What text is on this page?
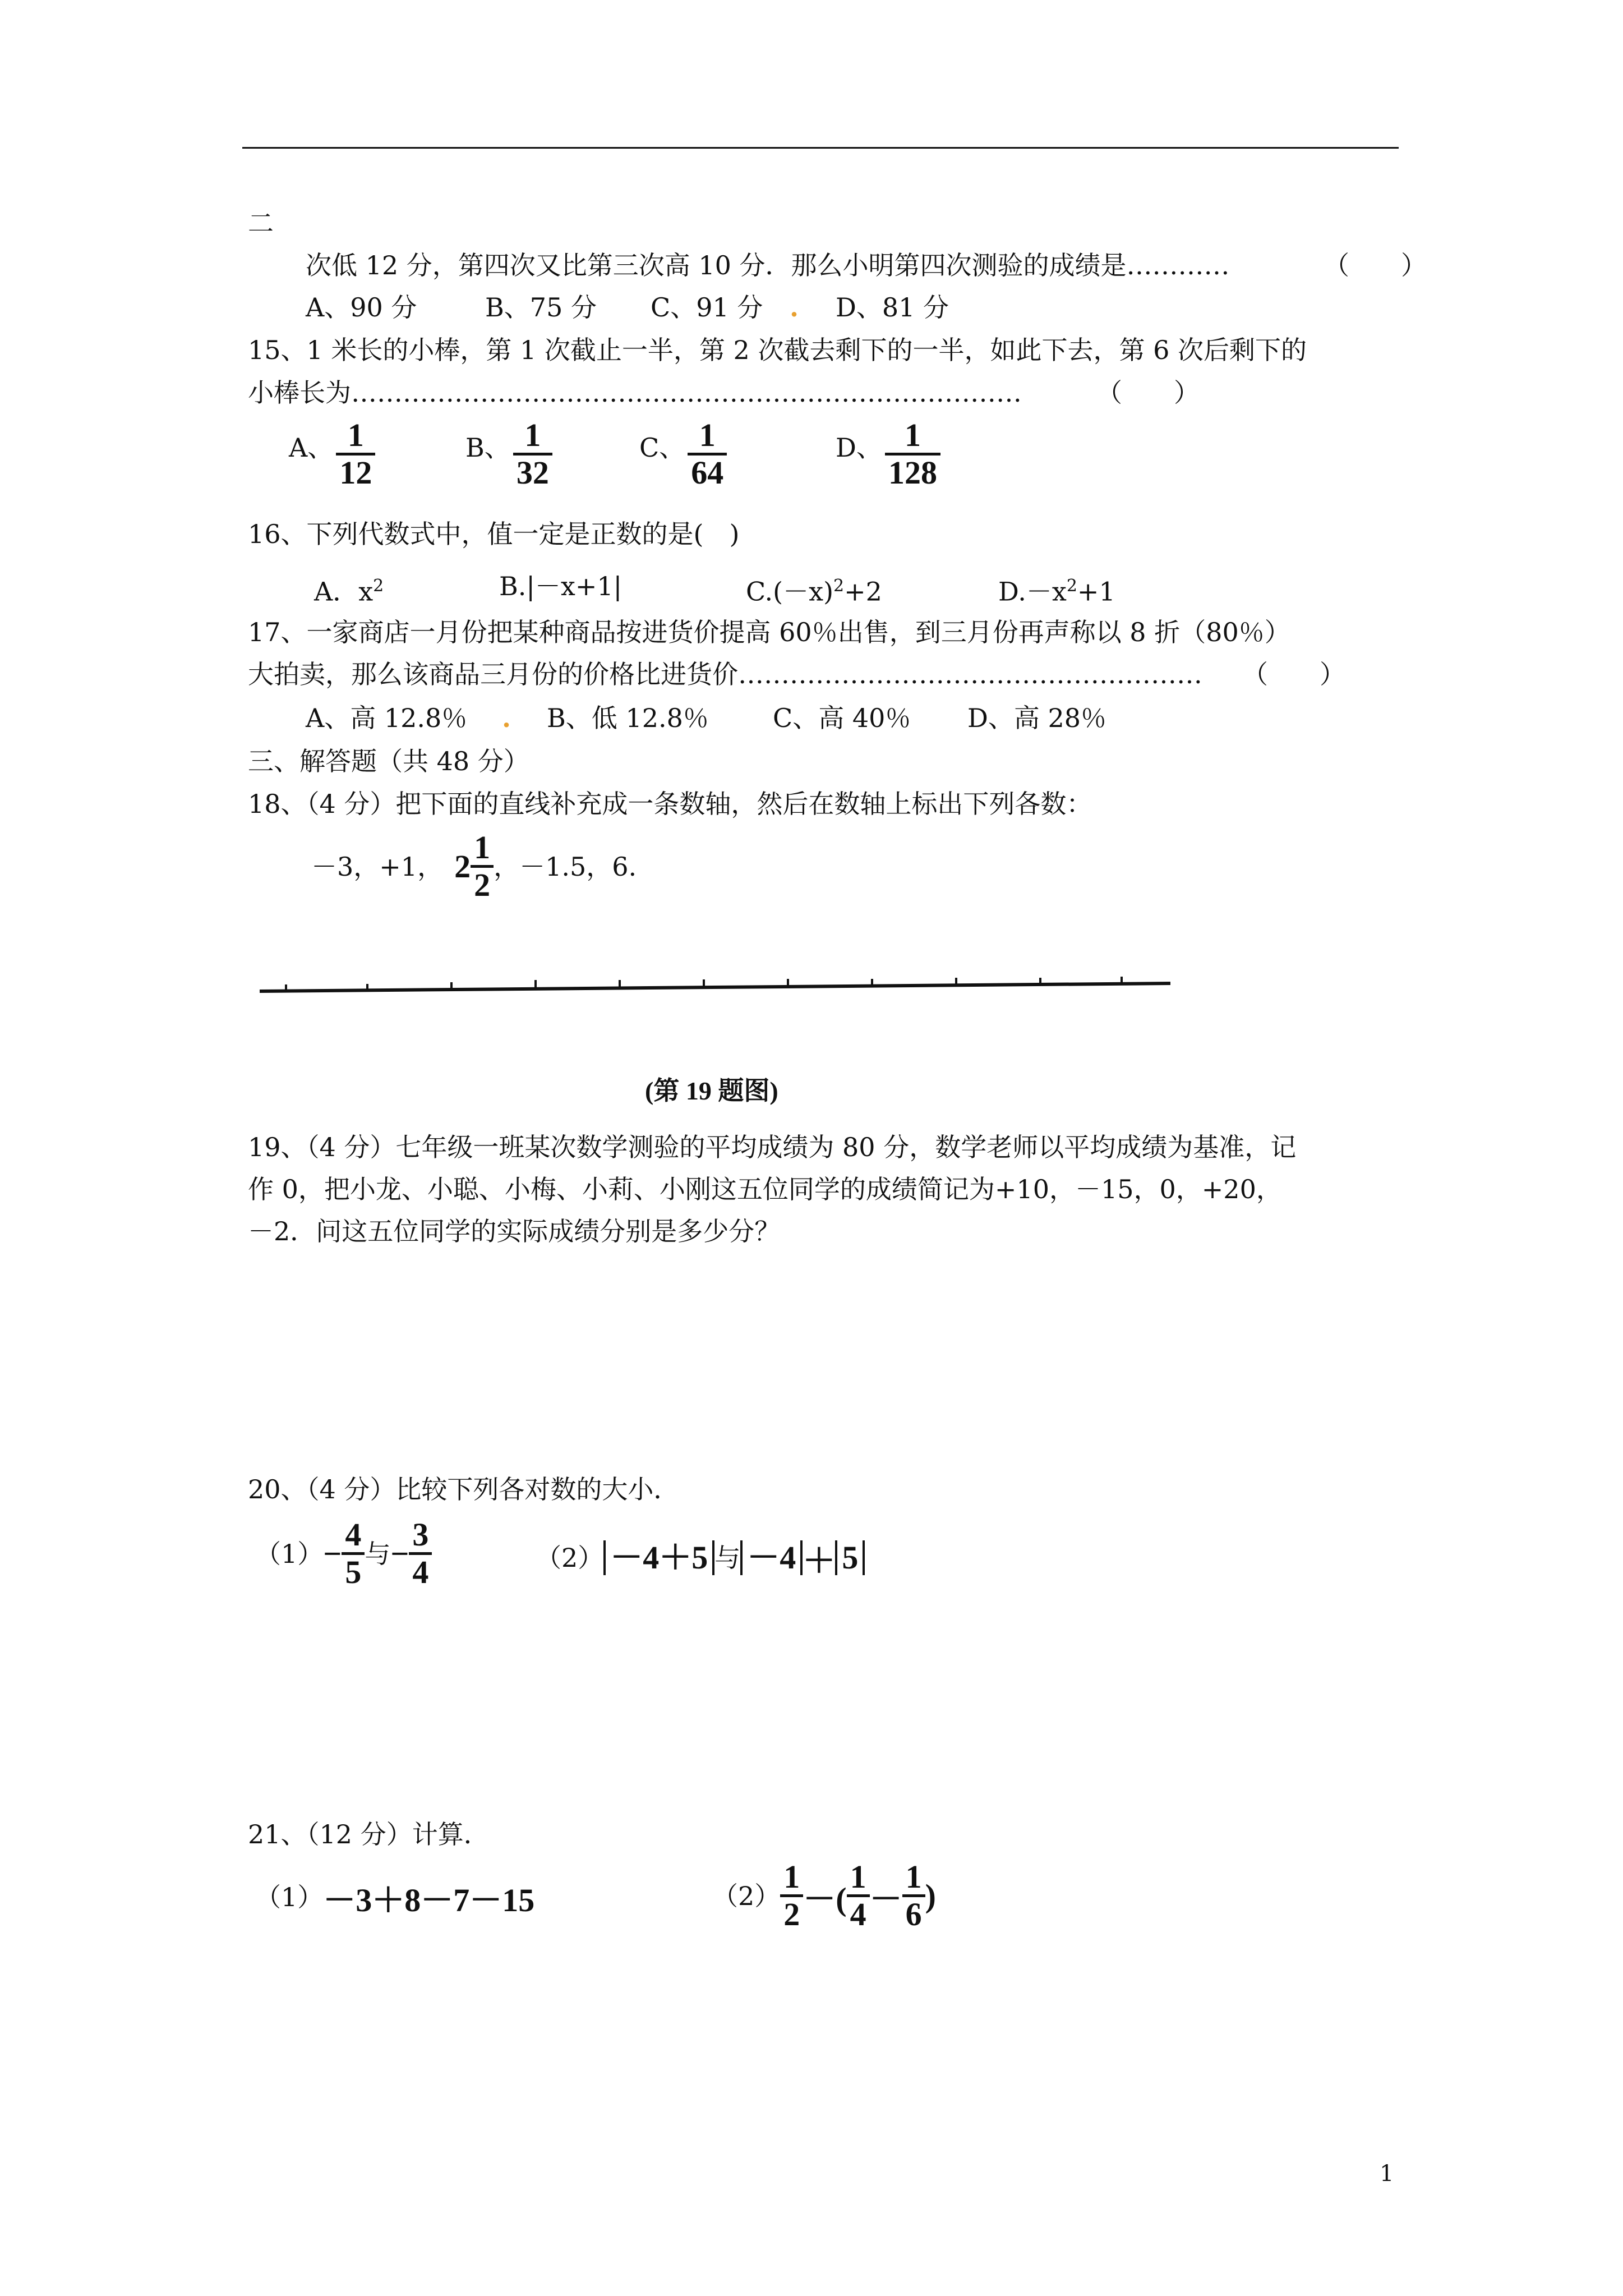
二
次低 12 分，第四次又比第三次高 10 分．那么小明第四次测验的成绩是…………	（　　）
A、90 分	B、75 分 C、91 分 . D、81 分
15、1 米长的小棒，第 1 次截止一半，第 2 次截去剩下的一半，如此下去，第 6 次后剩下的
小棒长为……………………………………………………………………	（　　）
A、 $\frac{1}{12}$	B、 $\frac{1}{32}$	C、 $\frac{1}{64}$	D、 $\frac{1}{128}$
16、下列代数式中，值一定是正数的是(　)
A．$x^2$	B.|－x+1|	$C.(-x)^2+2$	$D.-x^2+1$
17、一家商店一月份把某种商品按进货价提高 60％出售，到三月份再声称以 8 折（80％）
大拍卖，那么该商品三月份的价格比进货价……………………………………………… （　　）
A、高 12.8％ . B、低 12.8％ C、高 40％ D、高 28％
三、解答题（共 48 分）
18、（4 分）把下面的直线补充成一条数轴，然后在数轴上标出下列各数：
－3，+1， $2 \frac{1}{2}$ ，－1.5，6.
(第 19 题图)
19、（4 分）七年级一班某次数学测验的平均成绩为 80 分，数学老师以平均成绩为基准，记
作 0，把小龙、小聪、小梅、小莉、小刚这五位同学的成绩简记为+10，－15，0，+20，
－2．问这五位同学的实际成绩分别是多少分？
20、（4 分）比较下列各对数的大小．
$(1) - \frac{4}{5}$ 与 − $\frac{3}{4}$	（2） －4＋5 与 －4 ＋ 5
21、（12 分）计算．
（1） －3＋8－7－15	$(2) \frac{1}{2}$ －( $\frac{1}{4} - \frac{1}{6}$ )
1
